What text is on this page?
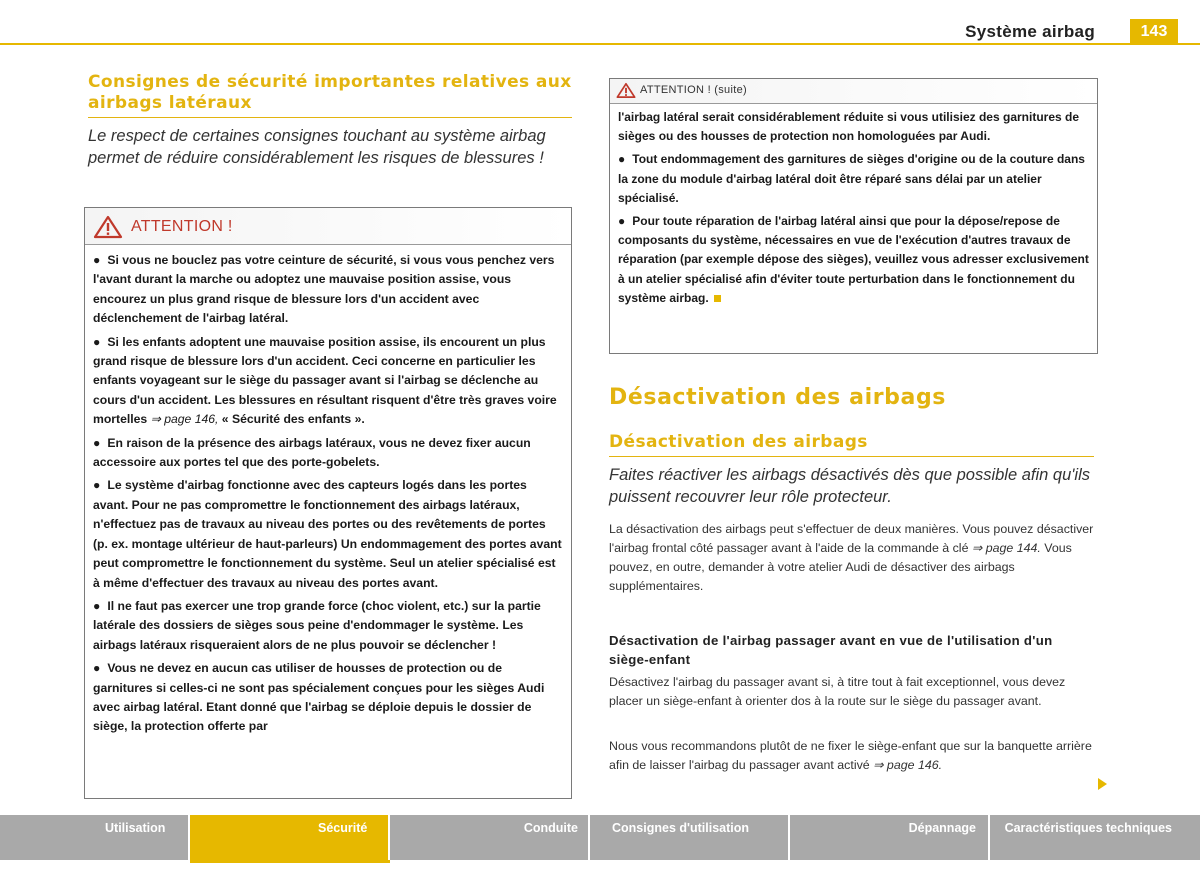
Système airbag	143
Consignes de sécurité importantes relatives aux airbags latéraux
Le respect de certaines consignes touchant au système airbag permet de réduire considérablement les risques de blessures !
ATTENTION !

● Si vous ne bouclez pas votre ceinture de sécurité, si vous vous penchez vers l'avant durant la marche ou adoptez une mauvaise position assise, vous encourez un plus grand risque de blessure lors d'un accident avec déclenchement de l'airbag latéral.

● Si les enfants adoptent une mauvaise position assise, ils encourent un plus grand risque de blessure lors d'un accident. Ceci concerne en particulier les enfants voyageant sur le siège du passager avant si l'airbag se déclenche au cours d'un accident. Les blessures en résultant risquent d'être très graves voire mortelles ⇒ page 146, « Sécurité des enfants ».

● En raison de la présence des airbags latéraux, vous ne devez fixer aucun accessoire aux portes tel que des porte-gobelets.

● Le système d'airbag fonctionne avec des capteurs logés dans les portes avant. Pour ne pas compromettre le fonctionnement des airbags latéraux, n'effectuez pas de travaux au niveau des portes ou des revêtements de portes (p. ex. montage ultérieur de haut-parleurs) Un endommagement des portes avant peut compromettre le fonctionnement du système. Seul un atelier spécialisé est à même d'effectuer des travaux au niveau des portes avant.

● Il ne faut pas exercer une trop grande force (choc violent, etc.) sur la partie latérale des dossiers de sièges sous peine d'endommager le système. Les airbags latéraux risqueraient alors de ne plus pouvoir se déclencher !

● Vous ne devez en aucun cas utiliser de housses de protection ou de garnitures si celles-ci ne sont pas spécialement conçues pour les sièges Audi avec airbag latéral. Etant donné que l'airbag se déploie depuis le dossier de siège, la protection offerte par

ATTENTION ! (suite)

l'airbag latéral serait considérablement réduite si vous utilisiez des garnitures de sièges ou des housses de protection non homologuées par Audi.

● Tout endommagement des garnitures de sièges d'origine ou de la couture dans la zone du module d'airbag latéral doit être réparé sans délai par un atelier spécialisé.

● Pour toute réparation de l'airbag latéral ainsi que pour la dépose/repose de composants du système, nécessaires en vue de l'exécution d'autres travaux de réparation (par exemple dépose des sièges), veuillez vous adresser exclusivement à un atelier spécialisé afin d'éviter toute perturbation dans le fonctionnement du système airbag.

Désactivation des airbags
Désactivation des airbags
Faites réactiver les airbags désactivés dès que possible afin qu'ils puissent recouvrer leur rôle protecteur.

La désactivation des airbags peut s'effectuer de deux manières. Vous pouvez désactiver l'airbag frontal côté passager avant à l'aide de la commande à clé ⇒ page 144. Vous pouvez, en outre, demander à votre atelier Audi de désactiver des airbags supplémentaires.

Désactivation de l'airbag passager avant en vue de l'utilisation d'un siège-enfant

Désactivez l'airbag du passager avant si, à titre tout à fait exceptionnel, vous devez placer un siège-enfant à orienter dos à la route sur le siège du passager avant.

Nous vous recommandons plutôt de ne fixer le siège-enfant que sur la banquette arrière afin de laisser l'airbag du passager avant activé ⇒ page 146.

Utilisation	Sécurité	Conduite	Consignes d'utilisation	Dépannage	Caractéristiques techniques
